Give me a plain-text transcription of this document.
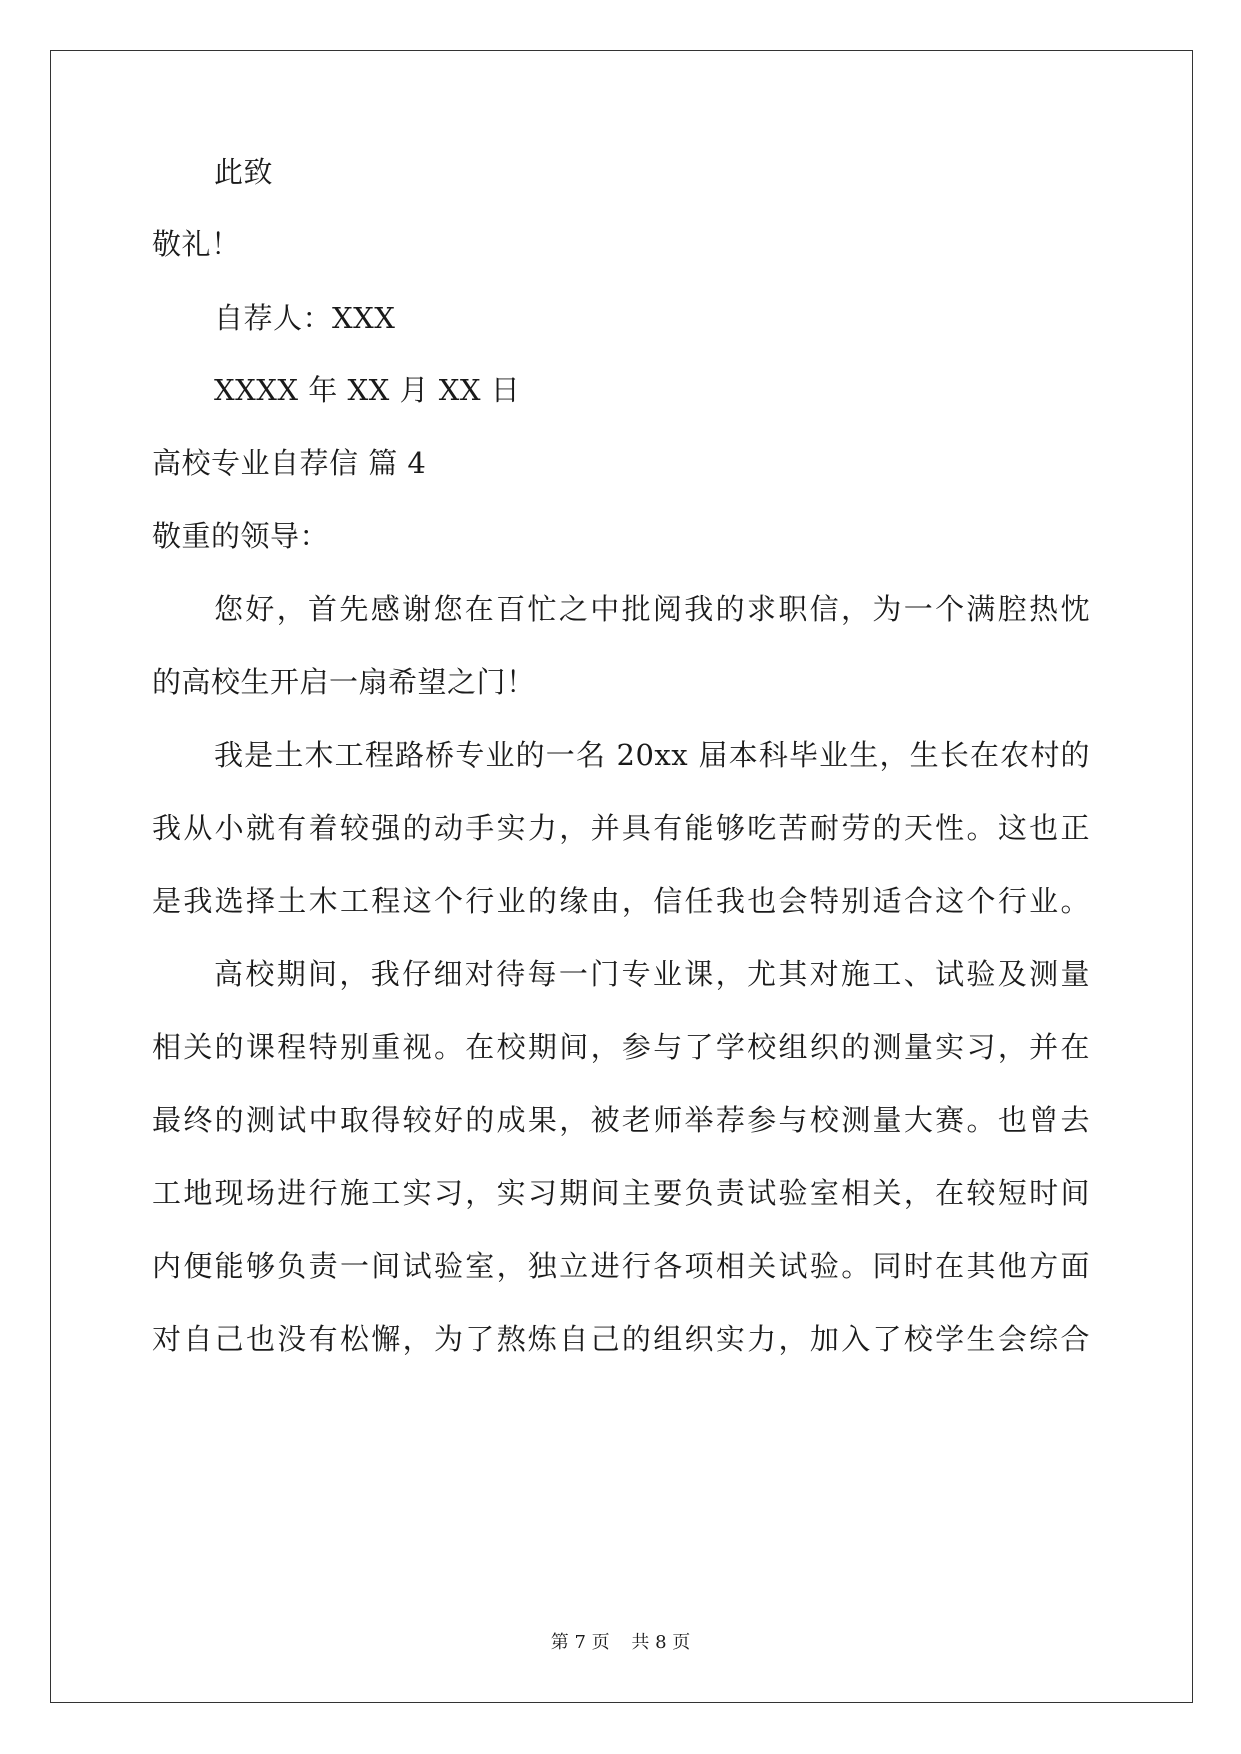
此致
敬礼！
自荐人：XXX
XXXX 年 XX 月 XX 日
高校专业自荐信 篇 4
敬重的领导：
您好，首先感谢您在百忙之中批阅我的求职信，为一个满腔热忱
的高校生开启一扇希望之门！
我是土木工程路桥专业的一名 20xx 届本科毕业生，生长在农村的
我从小就有着较强的动手实力，并具有能够吃苦耐劳的天性。这也正
是我选择土木工程这个行业的缘由，信任我也会特别适合这个行业。
高校期间，我仔细对待每一门专业课，尤其对施工、试验及测量
相关的课程特别重视。在校期间，参与了学校组织的测量实习，并在
最终的测试中取得较好的成果，被老师举荐参与校测量大赛。也曾去
工地现场进行施工实习，实习期间主要负责试验室相关，在较短时间
内便能够负责一间试验室，独立进行各项相关试验。同时在其他方面
对自己也没有松懈，为了熬炼自己的组织实力，加入了校学生会综合
第 7 页 共 8 页
